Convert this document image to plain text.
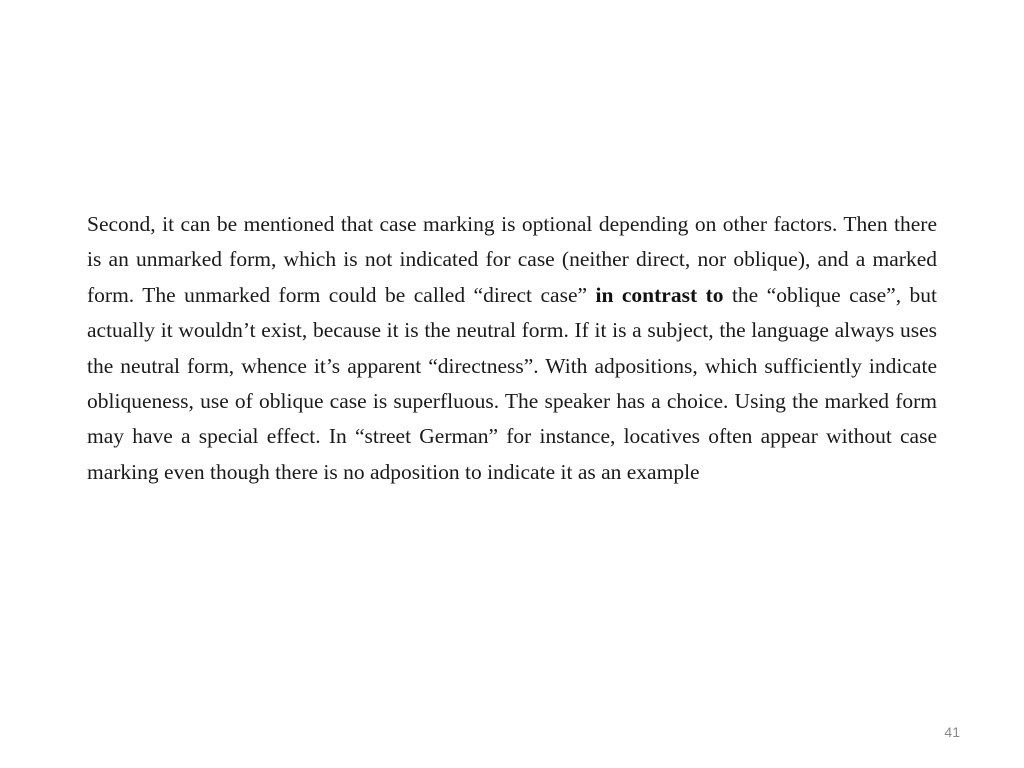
Second, it can be mentioned that case marking is optional depending on other factors. Then there is an unmarked form, which is not indicated for case (neither direct, nor oblique), and a marked form. The unmarked form could be called “direct case” in contrast to the “oblique case”, but actually it wouldn’t exist, because it is the neutral form. If it is a subject, the language always uses the neutral form, whence it’s apparent “directness”. With adpositions, which sufficiently indicate obliqueness, use of oblique case is superfluous. The speaker has a choice. Using the marked form may have a special effect. In “street German” for instance, locatives often appear without case marking even though there is no adposition to indicate it as an example

41
